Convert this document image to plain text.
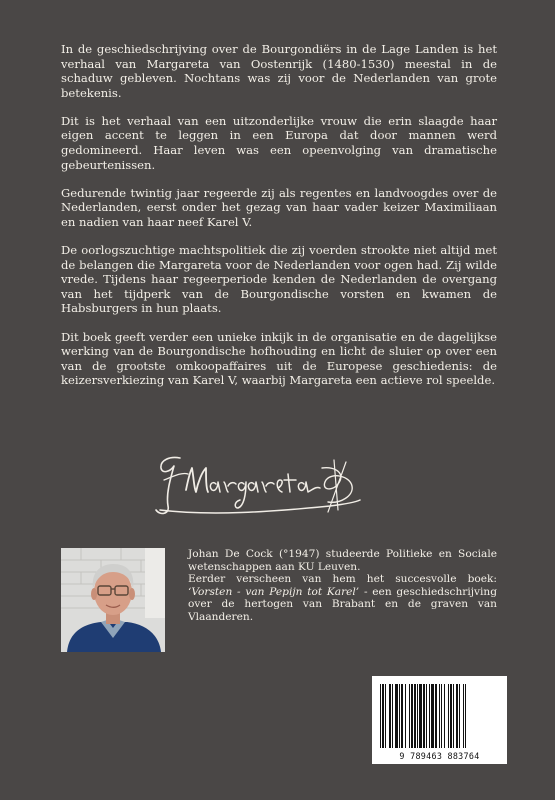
In de geschiedschrijving over de Bourgondiërs in de Lage Landen is het verhaal van Margareta van Oostenrijk (1480-1530) meestal in de schaduw gebleven. Nochtans was zij voor de Nederlanden van grote betekenis.

Dit is het verhaal van een uitzonderlijke vrouw die erin slaagde haar eigen accent te leggen in een Europa dat door mannen werd gedomineerd. Haar leven was een opeenvolging van dramatische gebeurtenissen.

Gedurende twintig jaar regeerde zij als regentes en landvoogdes over de Nederlanden, eerst onder het gezag van haar vader keizer Maximiliaan en nadien van haar neef Karel V.

De oorlogszuchtige machtspolitiek die zij voerden strookte niet altijd met de belangen die Margareta voor de Nederlanden voor ogen had. Zij wilde vrede. Tijdens haar regeerperiode kenden de Nederlanden de overgang van het tijdperk van de Bourgondische vorsten en kwamen de Habsburgers in hun plaats.

Dit boek geeft verder een unieke inkijk in de organisatie en de dagelijkse werking van de Bourgondische hofhouding en licht de sluier op over een van de grootste omkoopaffaires uit de Europese geschiedenis: de keizersverkiezing van Karel V, waarbij Margareta een actieve rol speelde.

Johan De Cock (°1947) studeerde Politieke en Sociale wetenschappen aan KU Leuven.

Eerder verscheen van hem het succesvolle boek: ‘Vorsten - van Pepijn tot Karel’ - een geschiedschrijving over de hertogen van Brabant en de graven van Vlaanderen.

9 789463 883764
